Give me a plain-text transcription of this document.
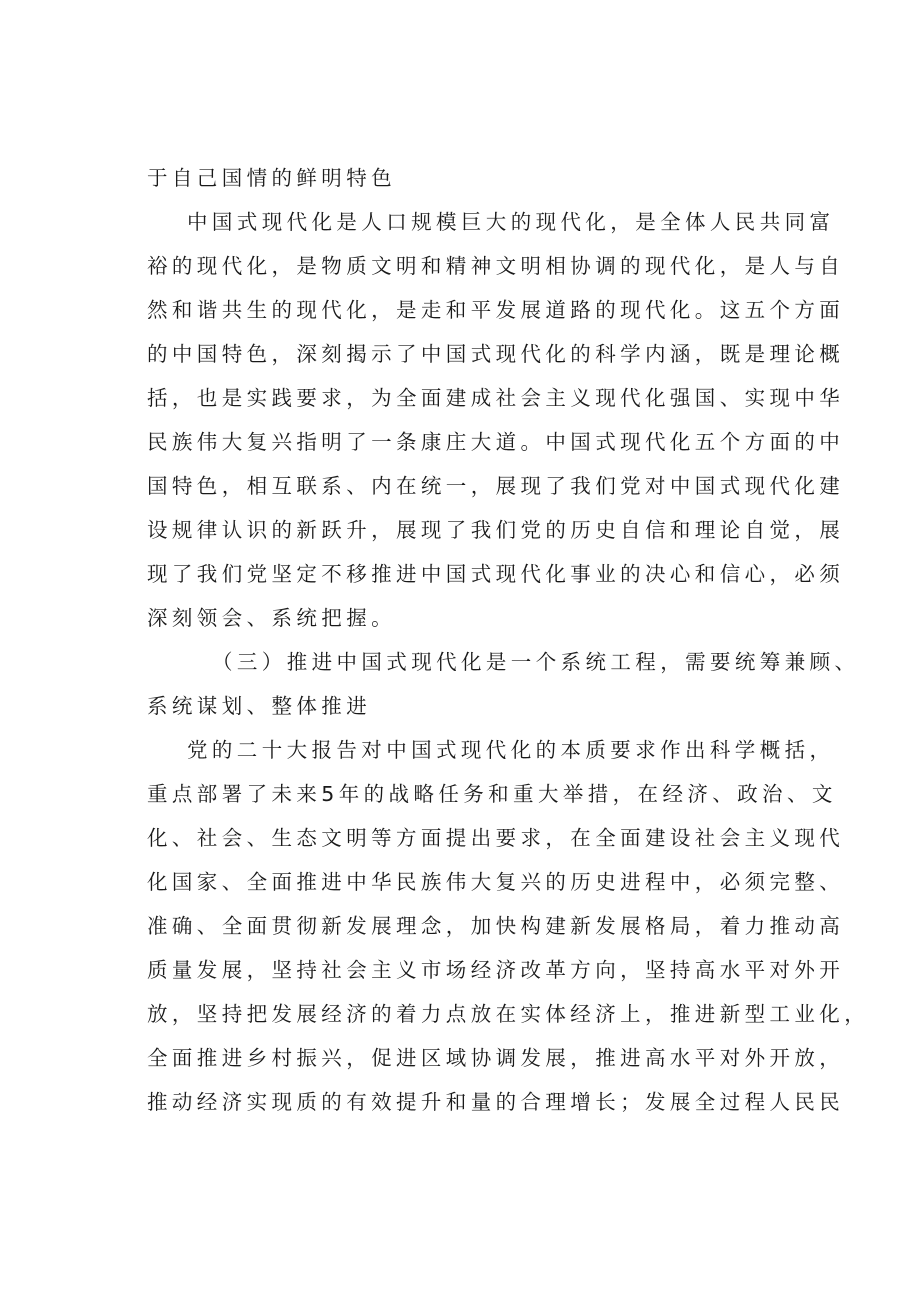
于自己国情的鲜明特色
中国式现代化是人口规模巨大的现代化，是全体人民共同富
裕的现代化，是物质文明和精神文明相协调的现代化，是人与自
然和谐共生的现代化，是走和平发展道路的现代化。这五个方面
的中国特色，深刻揭示了中国式现代化的科学内涵，既是理论概
括，也是实践要求，为全面建成社会主义现代化强国、实现中华
民族伟大复兴指明了一条康庄大道。中国式现代化五个方面的中
国特色，相互联系、内在统一，展现了我们党对中国式现代化建
设规律认识的新跃升，展现了我们党的历史自信和理论自觉，展
现了我们党坚定不移推进中国式现代化事业的决心和信心，必须
深刻领会、系统把握。
（三）推进中国式现代化是一个系统工程，需要统筹兼顾、
系统谋划、整体推进
党的二十大报告对中国式现代化的本质要求作出科学概括，
重点部署了未来5年的战略任务和重大举措，在经济、政治、文
化、社会、生态文明等方面提出要求，在全面建设社会主义现代
化国家、全面推进中华民族伟大复兴的历史进程中，必须完整、
准确、全面贯彻新发展理念，加快构建新发展格局，着力推动高
质量发展，坚持社会主义市场经济改革方向，坚持高水平对外开
放，坚持把发展经济的着力点放在实体经济上，推进新型工业化，
全面推进乡村振兴，促进区域协调发展，推进高水平对外开放，
推动经济实现质的有效提升和量的合理增长；发展全过程人民民
